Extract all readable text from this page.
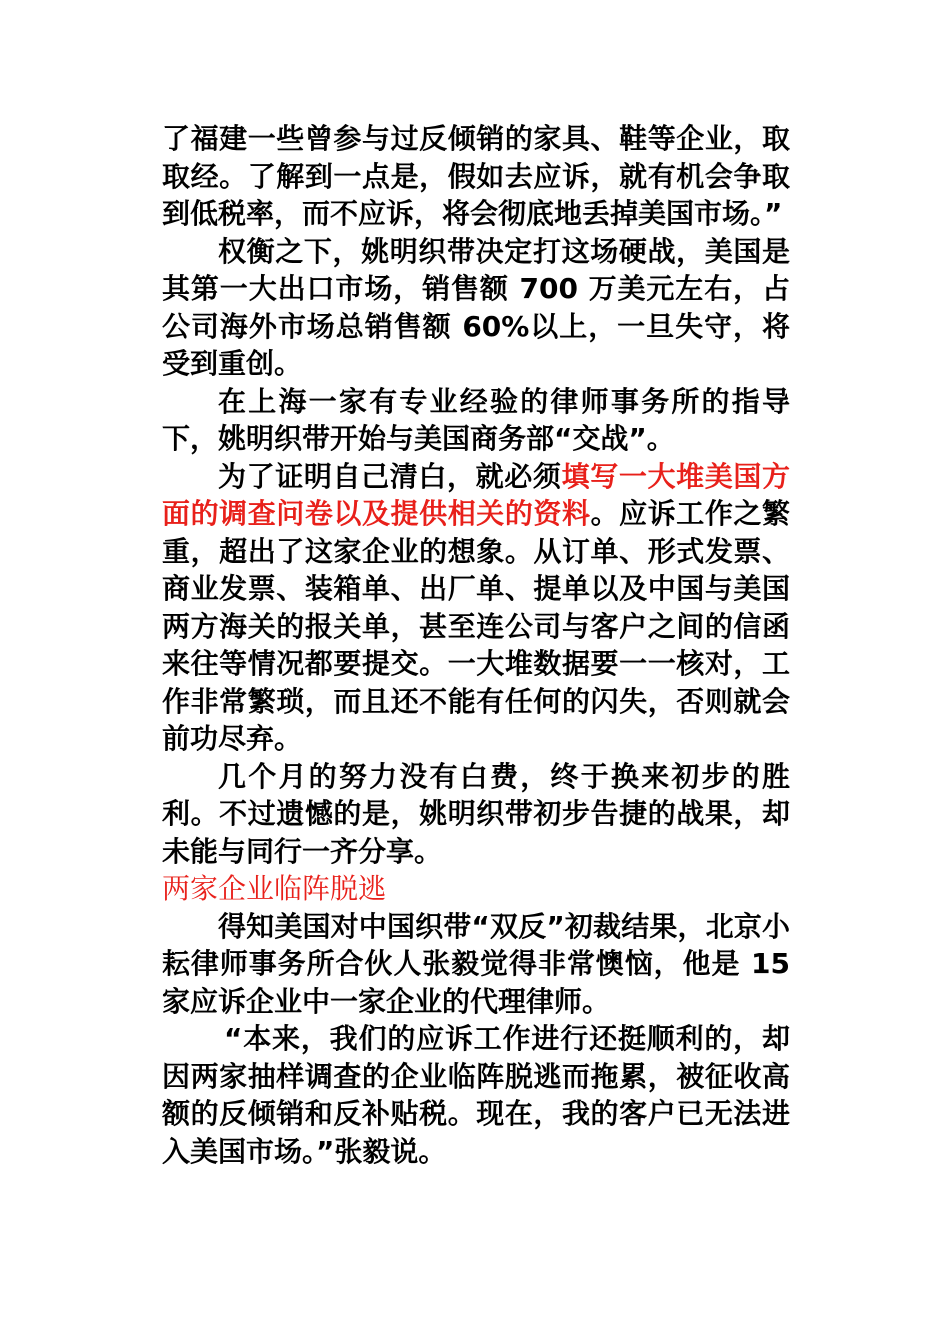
了福建一些曾参与过反倾销的家具、鞋等企业，取取经。了解到一点是，假如去应诉，就有机会争取到低税率，而不应诉，将会彻底地丢掉美国市场。”

权衡之下，姚明织带决定打这场硬战，美国是其第一大出口市场，销售额 700 万美元左右，占公司海外市场总销售额 60%以上，一旦失守，将受到重创。

在上海一家有专业经验的律师事务所的指导下，姚明织带开始与美国商务部“交战”。

为了证明自己清白，就必须填写一大堆美国方面的调查问卷以及提供相关的资料。应诉工作之繁重，超出了这家企业的想象。从订单、形式发票、商业发票、装箱单、出厂单、提单以及中国与美国两方海关的报关单，甚至连公司与客户之间的信函来往等情况都要提交。一大堆数据要一一核对，工作非常繁琐，而且还不能有任何的闪失，否则就会前功尽弃。

几个月的努力没有白费，终于换来初步的胜利。不过遗憾的是，姚明织带初步告捷的战果，却未能与同行一齐分享。

两家企业临阵脱逃

得知美国对中国织带“双反”初裁结果，北京小耘律师事务所合伙人张毅觉得非常懊恼，他是 15 家应诉企业中一家企业的代理律师。

“本来，我们的应诉工作进行还挺顺利的，却因两家抽样调查的企业临阵脱逃而拖累，被征收高额的反倾销和反补贴税。现在，我的客户已无法进入美国市场。”张毅说。
